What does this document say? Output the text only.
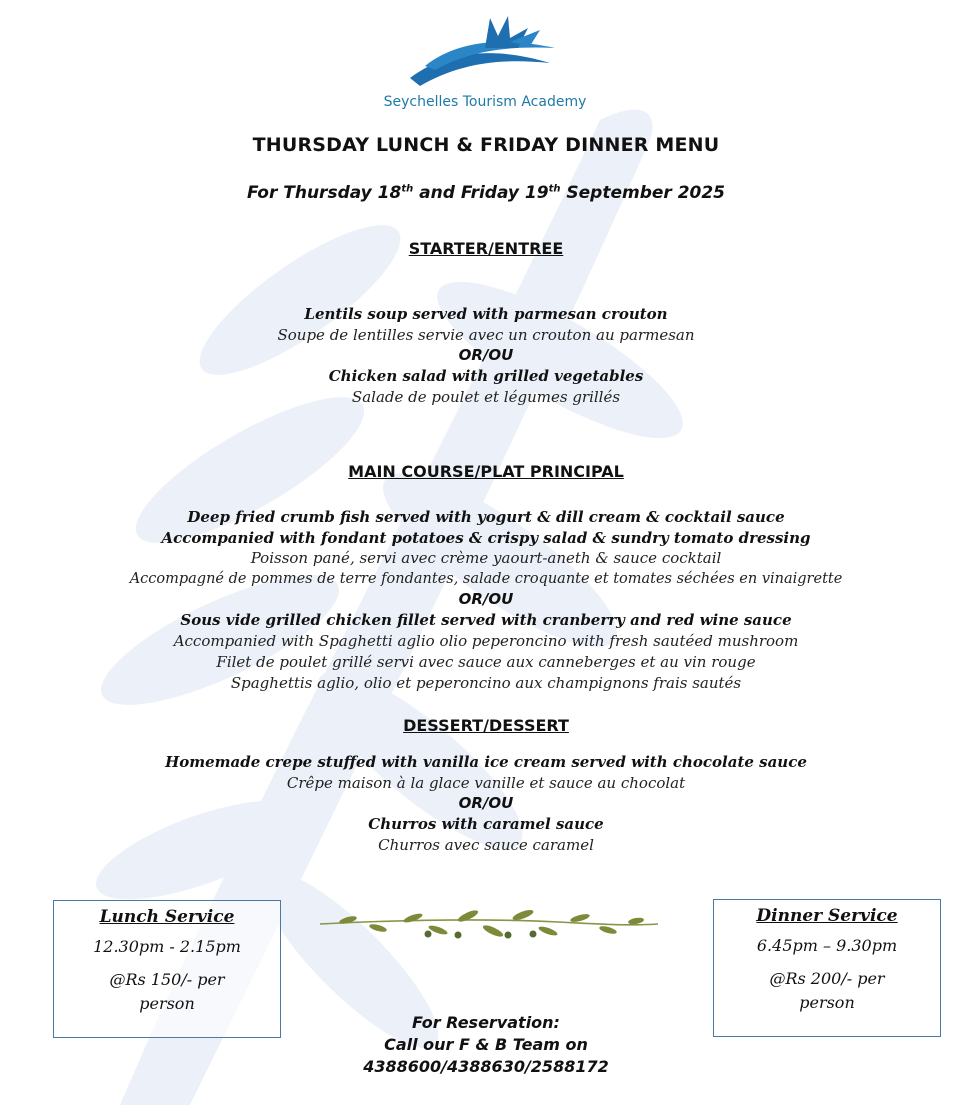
Seychelles Tourism Academy
THURSDAY LUNCH & FRIDAY DINNER MENU
For Thursday 18th and Friday 19th September 2025
STARTER/ENTREE
Lentils soup served with parmesan crouton
Soupe de lentilles servie avec un crouton au parmesan
OR/OU
Chicken salad with grilled vegetables
Salade de poulet et légumes grillés
MAIN COURSE/PLAT PRINCIPAL
Deep fried crumb fish served with yogurt & dill cream & cocktail sauce
Accompanied with fondant potatoes & crispy salad & sundry tomato dressing
Poisson pané, servi avec crème yaourt-aneth & sauce cocktail
Accompagné de pommes de terre fondantes, salade croquante et tomates séchées en vinaigrette
OR/OU
Sous vide grilled chicken fillet served with cranberry and red wine sauce
Accompanied with Spaghetti aglio olio peperoncino with fresh sautéed mushroom
Filet de poulet grillé servi avec sauce aux canneberges et au vin rouge
Spaghettis aglio, olio et peperoncino aux champignons frais sautés
DESSERT/DESSERT
Homemade crepe stuffed with vanilla ice cream served with chocolate sauce
Crêpe maison à la glace vanille et sauce au chocolat
OR/OU
Churros with caramel sauce
Churros avec sauce caramel
Lunch Service
12.30pm - 2.15pm
@Rs 150/- per
person
Dinner Service
6.45pm – 9.30pm
@Rs 200/- per
person
For Reservation:
Call our F & B Team on
4388600/4388630/2588172
